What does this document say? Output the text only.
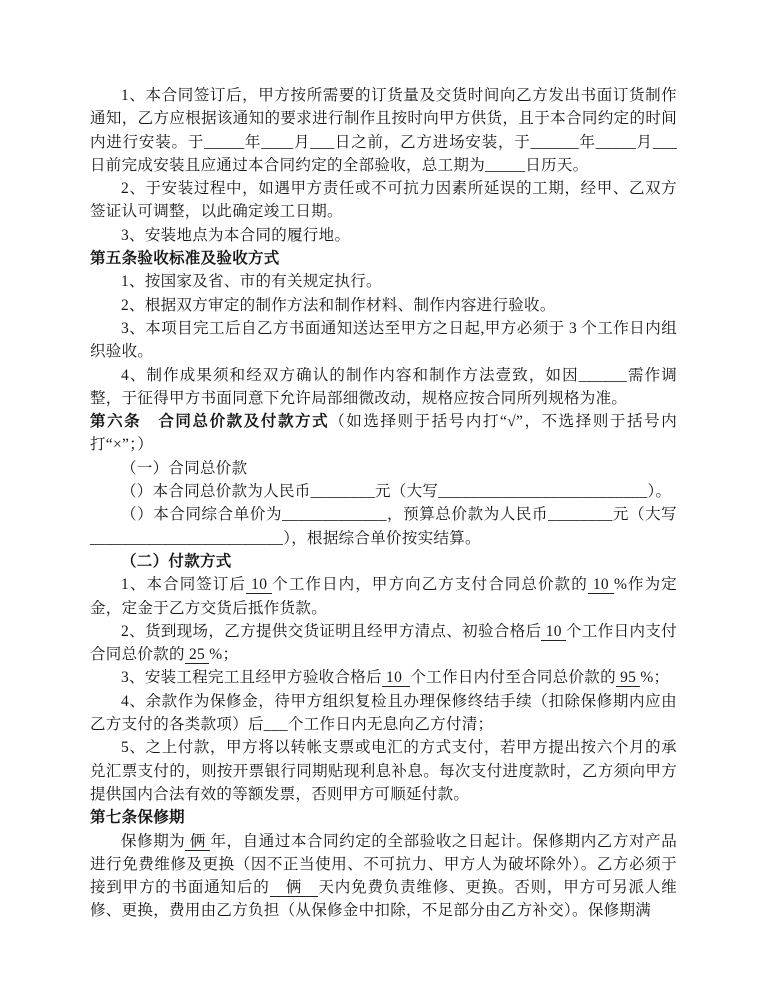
1、本合同签订后，甲方按所需要的订货量及交货时间向乙方发出书面订货制作通知，乙方应根据该通知的要求进行制作且按时向甲方供货，且于本合同约定的时间内进行安装。于_____年____月___日之前，乙方进场安装，于______年_____月___日前完成安装且应通过本合同约定的全部验收，总工期为_____日历天。

2、于安装过程中，如遇甲方责任或不可抗力因素所延误的工期，经甲、乙双方签证认可调整，以此确定竣工日期。

3、安装地点为本合同的履行地。

第五条验收标准及验收方式

1、按国家及省、市的有关规定执行。

2、根据双方审定的制作方法和制作材料、制作内容进行验收。

3、本项目完工后自乙方书面通知送达至甲方之日起,甲方必须于 3 个工作日内组织验收。

4、制作成果须和经双方确认的制作内容和制作方法壹致，如因______需作调整，于征得甲方书面同意下允许局部细微改动，规格应按合同所列规格为准。

第六条　合同总价款及付款方式（如选择则于括号内打“√”，不选择则于括号内打“×”；）

（一）合同总价款

（）本合同总价款为人民币________元（大写__________________________）。

（）本合同综合单价为_____________，预算总价款为人民币________元（大写________________________），根据综合单价按实结算。

（二）付款方式

1、本合同签订后 10 个工作日内，甲方向乙方支付合同总价款的 10 %作为定金，定金于乙方交货后抵作货款。

2、货到现场，乙方提供交货证明且经甲方清点、初验合格后 10 个工作日内支付合同总价款的 25 %；

3、安装工程完工且经甲方验收合格后 10  个工作日内付至合同总价款的 95 %；

4、余款作为保修金，待甲方组织复检且办理保修终结手续（扣除保修期内应由乙方支付的各类款项）后___个工作日内无息向乙方付清；

5、之上付款，甲方将以转帐支票或电汇的方式支付，若甲方提出按六个月的承兑汇票支付的，则按开票银行同期贴现利息补息。每次支付进度款时，乙方须向甲方提供国内合法有效的等额发票，否则甲方可顺延付款。

第七条保修期

保修期为 俩 年，自通过本合同约定的全部验收之日起计。保修期内乙方对产品进行免费维修及更换（因不正当使用、不可抗力、甲方人为破坏除外）。乙方必须于接到甲方的书面通知后的　俩　天内免费负责维修、更换。否则，甲方可另派人维修、更换，费用由乙方负担（从保修金中扣除，不足部分由乙方补交）。保修期满
